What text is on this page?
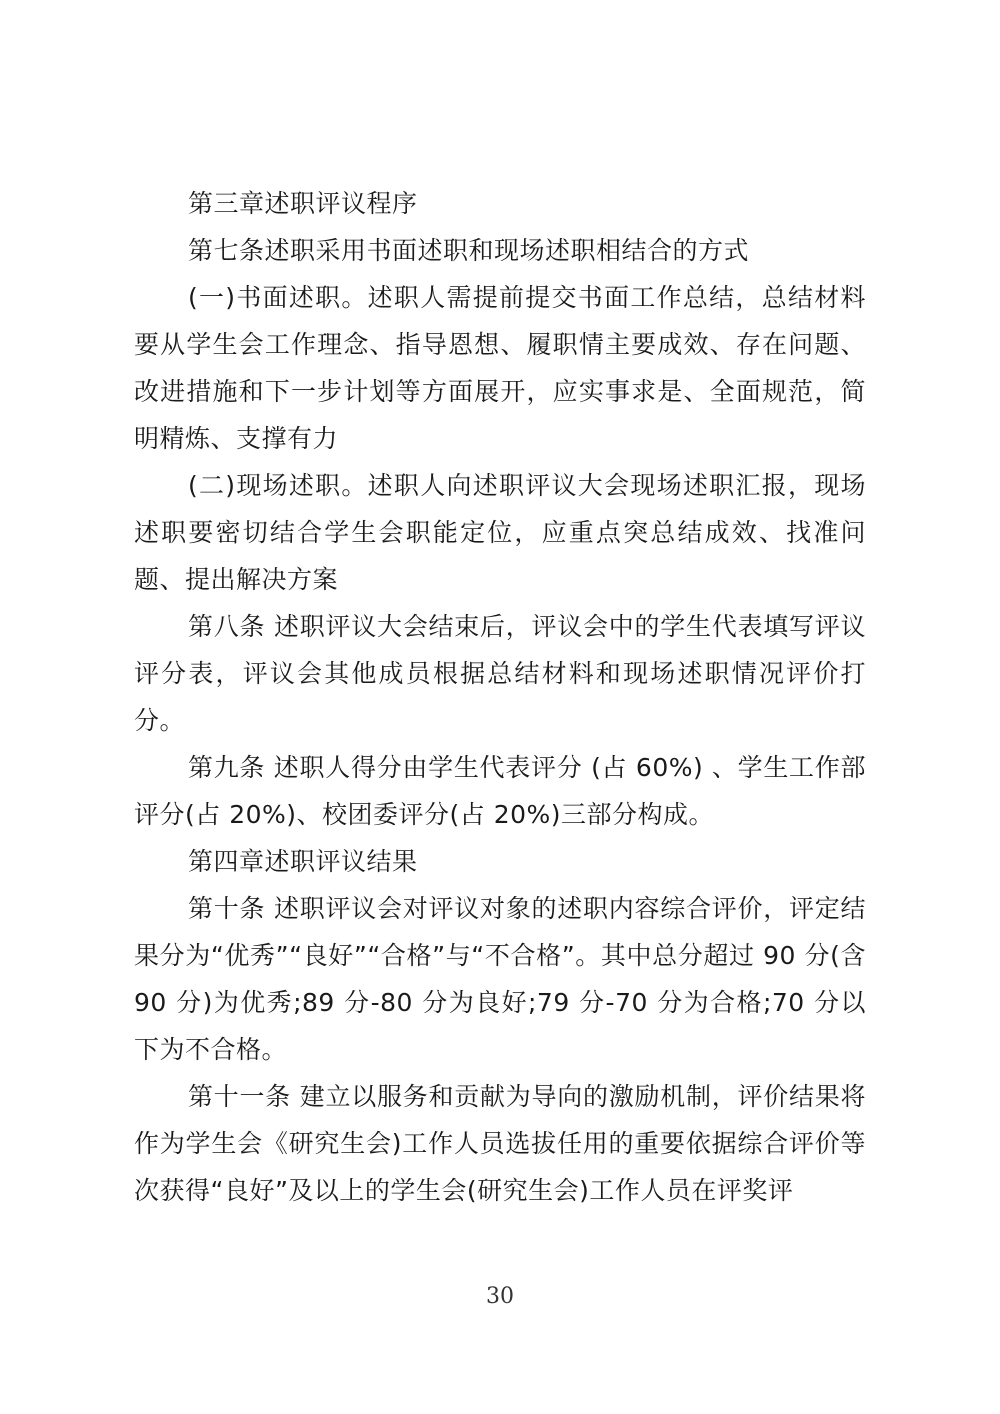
第三章述职评议程序

第七条述职采用书面述职和现场述职相结合的方式

(一)书面述职。述职人需提前提交书面工作总结，总结材料要从学生会工作理念、指导恩想、履职情主要成效、存在问题、改进措施和下一步计划等方面展开，应实事求是、全面规范，简明精炼、支撑有力

(二)现场述职。述职人向述职评议大会现场述职汇报，现场述职要密切结合学生会职能定位，应重点突总结成效、找准问题、提出解决方案

第八条 述职评议大会结束后，评议会中的学生代表填写评议评分表，评议会其他成员根据总结材料和现场述职情况评价打分。

第九条 述职人得分由学生代表评分 (占 60%) 、学生工作部评分(占 20%)、校团委评分(占 20%)三部分构成。

第四章述职评议结果

第十条 述职评议会对评议对象的述职内容综合评价，评定结果分为“优秀”“良好”“合格”与“不合格”。其中总分超过 90 分(含 90 分)为优秀;89 分-80 分为良好;79 分-70 分为合格;70 分以下为不合格。

第十一条 建立以服务和贡献为导向的激励机制，评价结果将作为学生会《研究生会)工作人员选拔任用的重要依据综合评价等次获得“良好”及以上的学生会(研究生会)工作人员在评奖评

30
